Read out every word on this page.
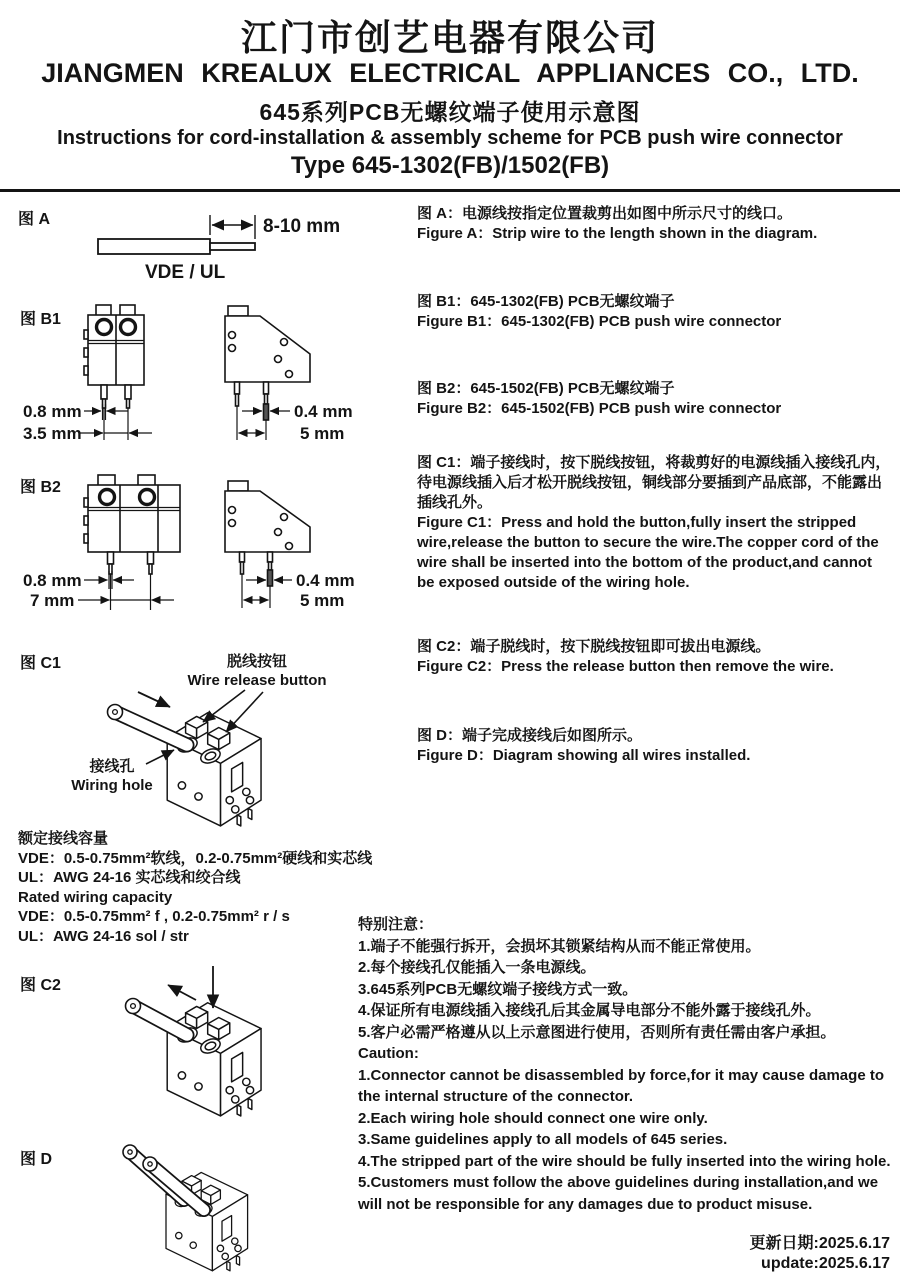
江门市创艺电器有限公司
JIANGMEN KREALUX ELECTRICAL APPLIANCES CO., LTD.
645系列PCB无螺纹端子使用示意图
Instructions for cord-installation & assembly scheme for PCB push wire connector
Type 645-1302(FB)/1502(FB)
图 A	8-10 mm
VDE / UL
图 B1
0.8 mm
3.5 mm
0.4 mm
5 mm
图 B2
0.8 mm
7 mm
0.4 mm
5 mm
图 C1	脱线按钮
Wire release button
接线孔
Wiring hole
图 C2
图 D
额定接线容量
VDE：0.5-0.75mm²软线，0.2-0.75mm²硬线和实芯线
UL：AWG 24-16 实芯线和绞合线
Rated wiring capacity
VDE：0.5-0.75mm² f , 0.2-0.75mm² r / s
UL：AWG 24-16 sol / str
图 A：电源线按指定位置裁剪出如图中所示尺寸的线口。
Figure A：Strip wire to the length shown in the diagram.
图 B1：645-1302(FB) PCB无螺纹端子
Figure B1：645-1302(FB) PCB push wire connector
图 B2：645-1502(FB) PCB无螺纹端子
Figure B2：645-1502(FB) PCB push wire connector
图 C1：端子接线时，按下脱线按钮，将裁剪好的电源线插入接线孔内，待电源线插入后才松开脱线按钮，铜线部分要插到产品底部，不能露出插线孔外。
Figure C1：Press and hold the button,fully insert the stripped wire,release the button to secure the wire.The copper cord of the wire shall be inserted into the bottom of the product,and cannot be exposed outside of the wiring hole.
图 C2：端子脱线时，按下脱线按钮即可拔出电源线。
Figure C2：Press the release button then remove the wire.
图 D：端子完成接线后如图所示。
Figure D：Diagram showing all wires installed.
特别注意：
1.端子不能强行拆开，会损坏其锁紧结构从而不能正常使用。
2.每个接线孔仅能插入一条电源线。
3.645系列PCB无螺纹端子接线方式一致。
4.保证所有电源线插入接线孔后其金属导电部分不能外露于接线孔外。
5.客户必需严格遵从以上示意图进行使用，否则所有责任需由客户承担。
Caution:
1.Connector cannot be disassembled by force,for it may cause damage to the internal structure of the connector.
2.Each wiring hole should connect one wire only.
3.Same guidelines apply to all models of 645 series.
4.The stripped part of the wire should be fully inserted into the wiring hole.
5.Customers must follow the above guidelines during installation,and we will not be responsible for any damages due to product misuse.
更新日期:2025.6.17
update:2025.6.17
